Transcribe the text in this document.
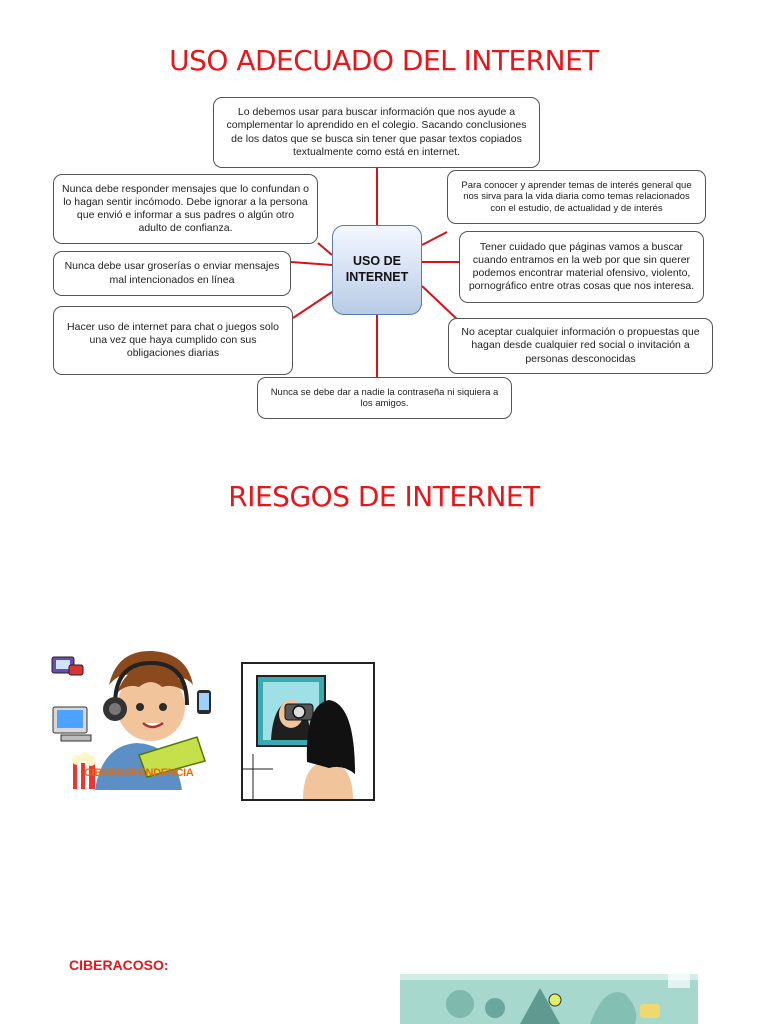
USO ADECUADO DEL INTERNET
Lo debemos usar para buscar información que nos ayude a complementar lo aprendido en el colegio. Sacando conclusiones de los datos que se busca sin tener que pasar textos copiados textualmente como está en internet.
Nunca debe responder mensajes que lo confundan o lo hagan sentir incómodo. Debe ignorar a la persona que envió e informar a sus padres o algún otro adulto de confianza.
Nunca debe usar groserías o enviar mensajes mal intencionados en línea
Hacer uso de internet para chat o juegos solo una vez que haya cumplido con sus obligaciones diarias
Para conocer y aprender temas de interés general que nos sirva para la vida diaria como temas relacionados con el estudio, de actualidad y de interés
Tener cuidado que páginas vamos a buscar cuando entramos en la web por que sin querer podemos encontrar material ofensivo, violento, pornográfico entre otras cosas que nos interesa.
No aceptar cualquier información o propuestas que hagan desde cualquier red social o invitación a personas desconocidas
Nunca se debe dar a nadie la contraseña ni siquiera a los amigos.
USO DE INTERNET
RIESGOS DE INTERNET
CIBERDEPENDENCIA
CIBERACOSO:
